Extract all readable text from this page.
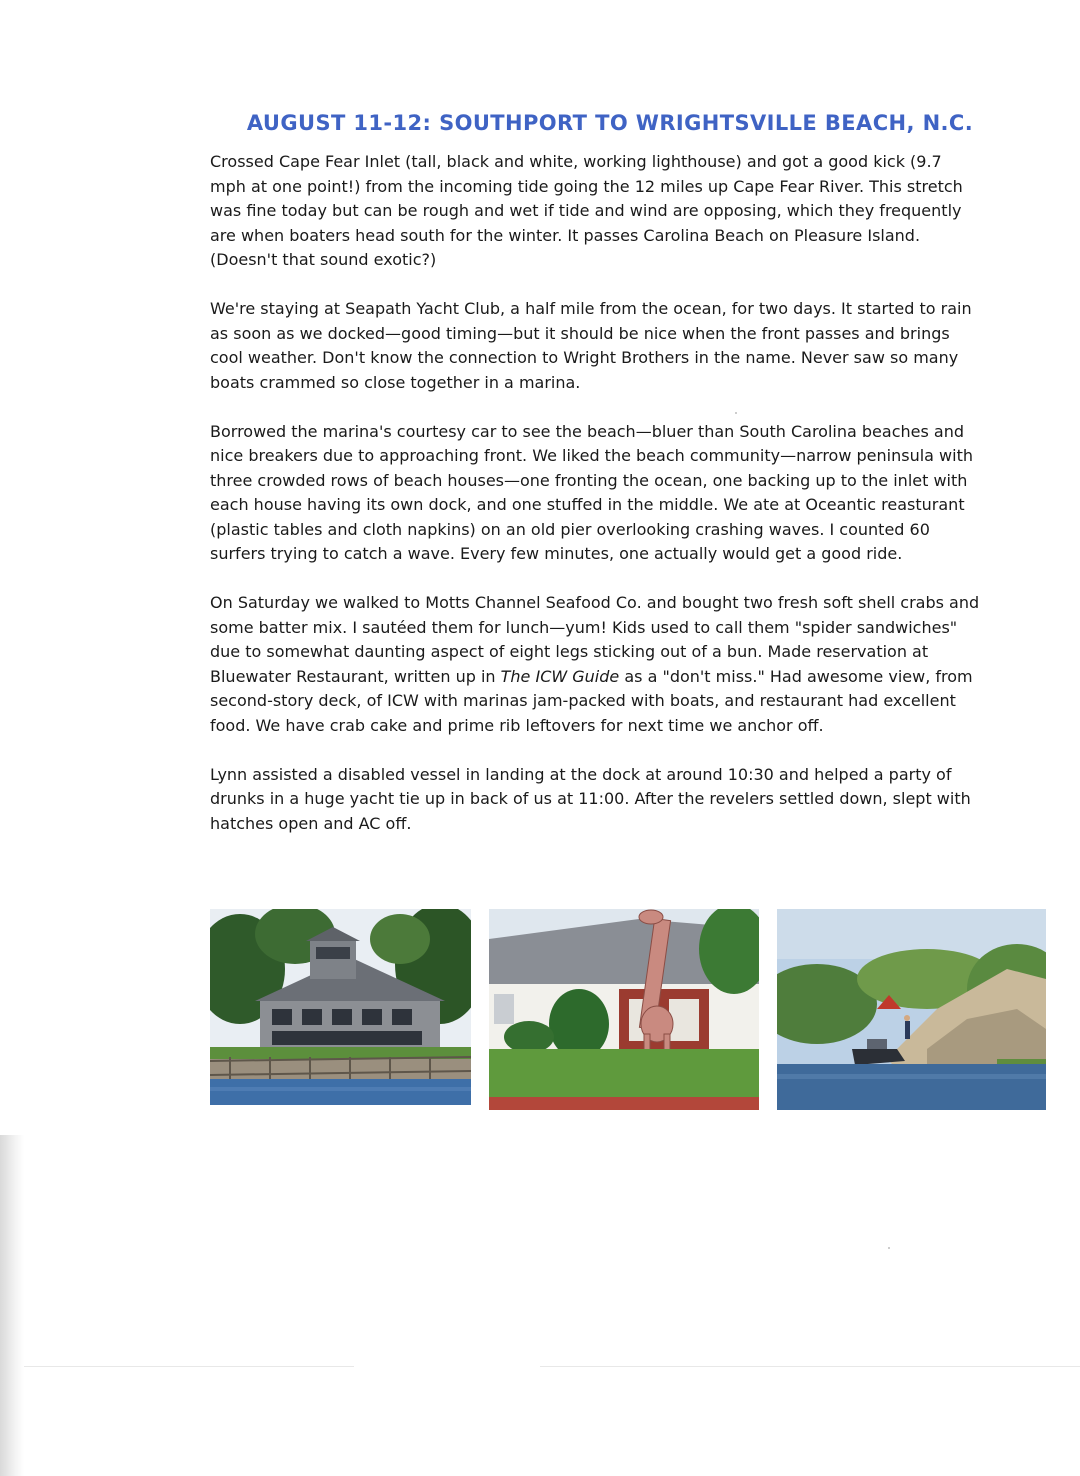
AUGUST 11-12: SOUTHPORT TO WRIGHTSVILLE BEACH, N.C.

Crossed Cape Fear Inlet (tall, black and white, working lighthouse) and got a good kick (9.7 mph at one point!) from the incoming tide going the 12 miles up Cape Fear River. This stretch was fine today but can be rough and wet if tide and wind are opposing, which they frequently are when boaters head south for the winter. It passes Carolina Beach on Pleasure Island. (Doesn't that sound exotic?)

We're staying at Seapath Yacht Club, a half mile from the ocean, for two days. It started to rain as soon as we docked—good timing—but it should be nice when the front passes and brings cool weather. Don't know the connection to Wright Brothers in the name. Never saw so many boats crammed so close together in a marina.

Borrowed the marina's courtesy car to see the beach—bluer than South Carolina beaches and nice breakers due to approaching front. We liked the beach community—narrow peninsula with three crowded rows of beach houses—one fronting the ocean, one backing up to the inlet with each house having its own dock, and one stuffed in the middle. We ate at Oceantic reasturant (plastic tables and cloth napkins) on an old pier overlooking crashing waves. I counted 60 surfers trying to catch a wave. Every few minutes, one actually would get a good ride.

On Saturday we walked to Motts Channel Seafood Co. and bought two fresh soft shell crabs and some batter mix. I sautéed them for lunch—yum! Kids used to call them "spider sandwiches" due to somewhat daunting aspect of eight legs sticking out of a bun. Made reservation at Bluewater Restaurant, written up in The ICW Guide as a "don't miss." Had awesome view, from second-story deck, of ICW with marinas jam-packed with boats, and restaurant had excellent food. We have crab cake and prime rib leftovers for next time we anchor off.

Lynn assisted a disabled vessel in landing at the dock at around 10:30 and helped a party of drunks in a huge yacht tie up in back of us at 11:00. After the revelers settled down, slept with hatches open and AC off.
